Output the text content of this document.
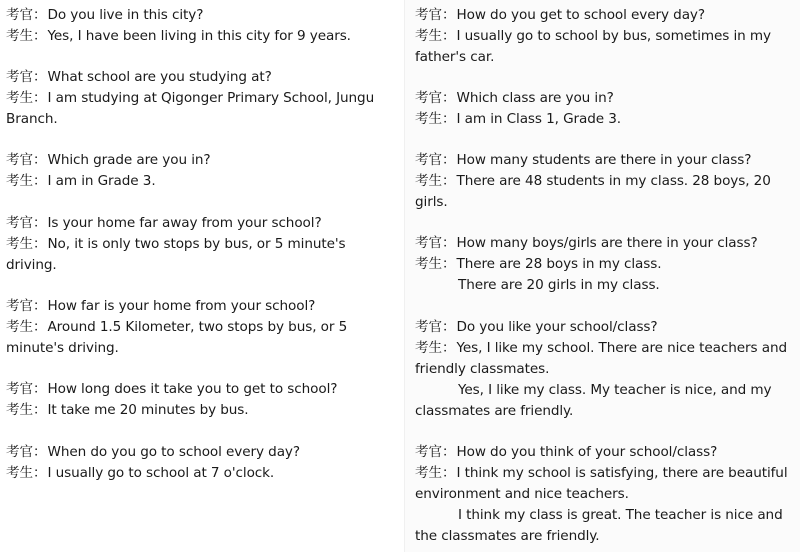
考官：Do you live in this city?
考生：Yes, I have been living in this city for 9 years.
考官：What school are you studying at?
考生：I am studying at Qigonger Primary School, Jungu
Branch.
考官：Which grade are you in?
考生：I am in Grade 3.
考官：Is your home far away from your school?
考生：No, it is only two stops by bus, or 5 minute's
driving.
考官：How far is your home from your school?
考生：Around 1.5 Kilometer, two stops by bus, or 5
minute's driving.
考官：How long does it take you to get to school?
考生：It take me 20 minutes by bus.
考官：When do you go to school every day?
考生：I usually go to school at 7 o'clock.
考官：How do you get to school every day?
考生：I usually go to school by bus, sometimes in my
father's car.
考官：Which class are you in?
考生：I am in Class 1, Grade 3.
考官：How many students are there in your class?
考生：There are 48 students in my class. 28 boys, 20
girls.
考官：How many boys/girls are there in your class?
考生：There are 28 boys in my class.
There are 20 girls in my class.
考官：Do you like your school/class?
考生：Yes, I like my school. There are nice teachers and
friendly classmates.
Yes, I like my class. My teacher is nice, and my
classmates are friendly.
考官：How do you think of your school/class?
考生：I think my school is satisfying, there are beautiful
environment and nice teachers.
I think my class is great. The teacher is nice and
the classmates are friendly.
